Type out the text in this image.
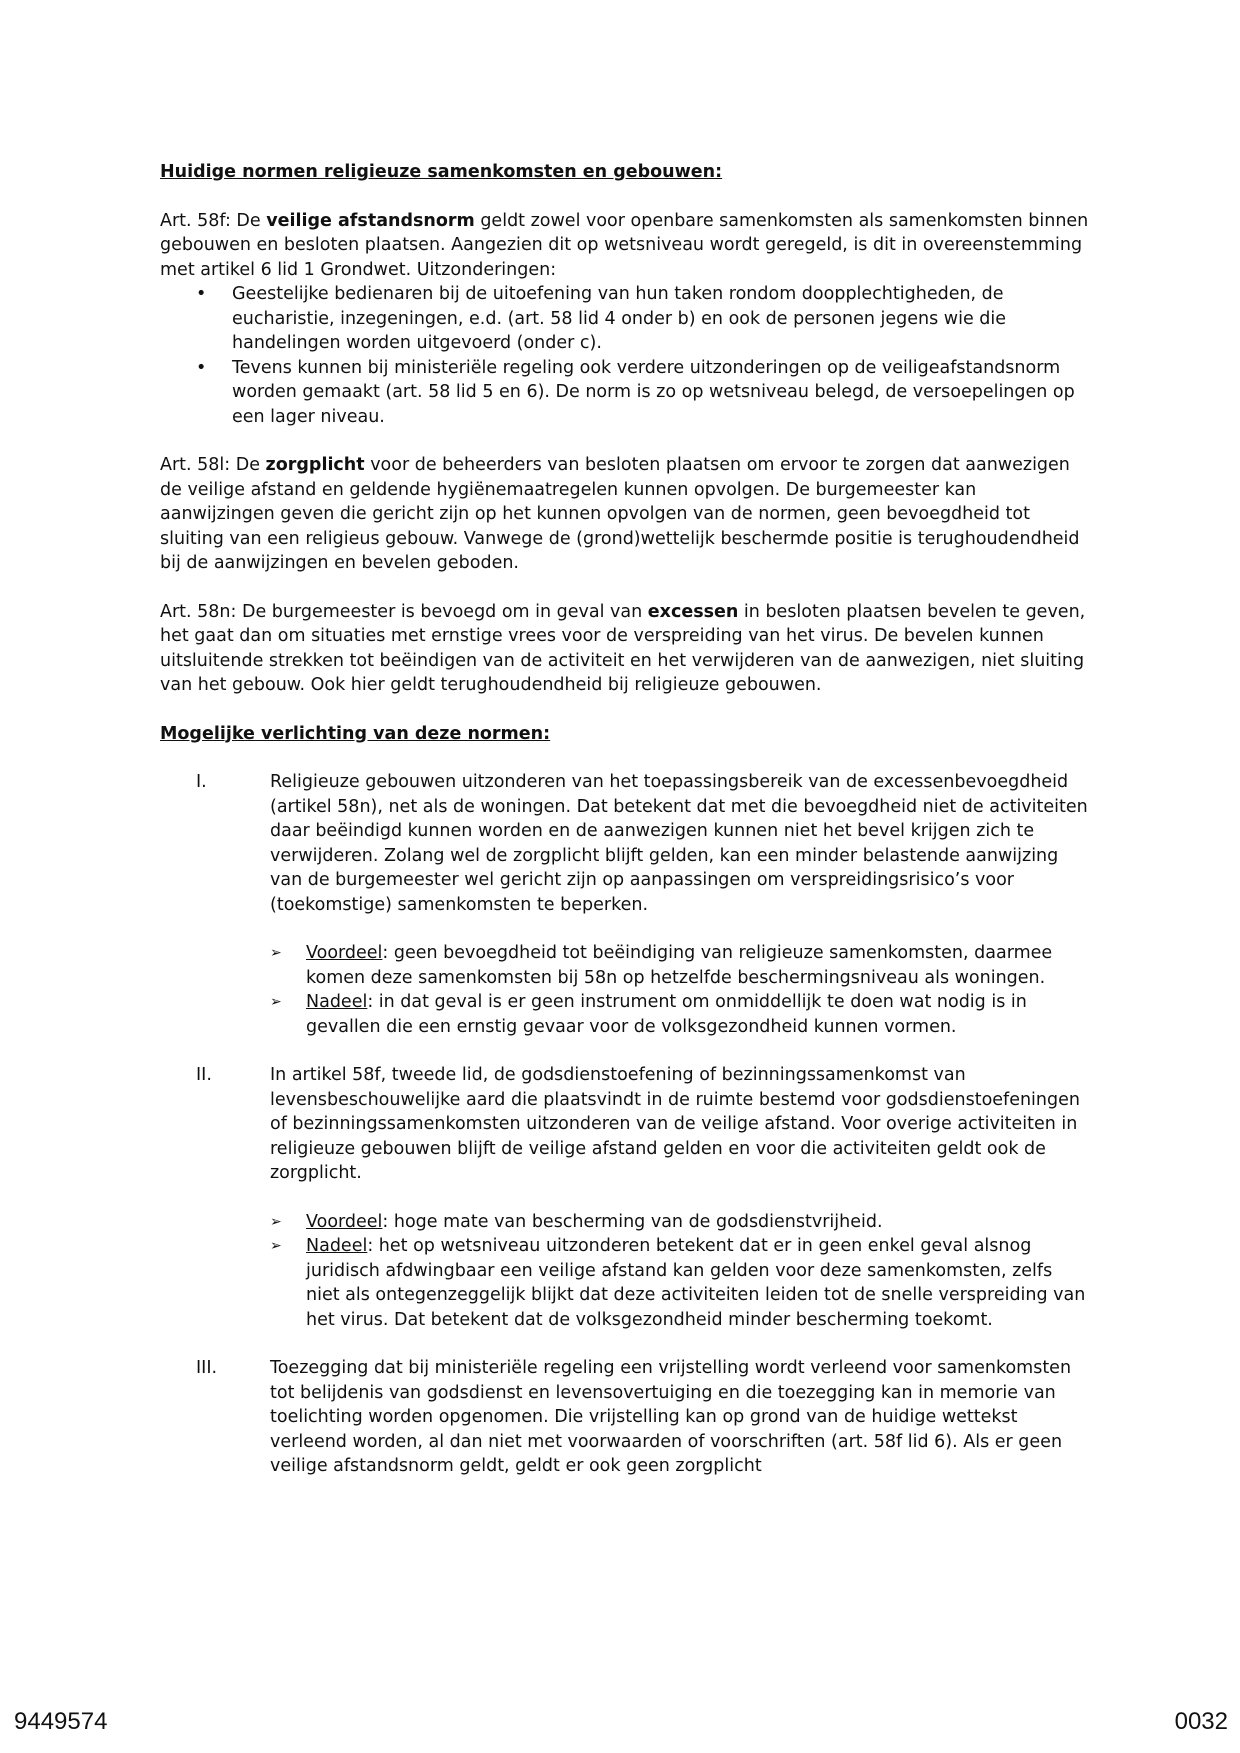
Huidige normen religieuze samenkomsten en gebouwen:

Art. 58f: De veilige afstandsnorm geldt zowel voor openbare samenkomsten als samenkomsten binnen gebouwen en besloten plaatsen. Aangezien dit op wetsniveau wordt geregeld, is dit in overeenstemming met artikel 6 lid 1 Grondwet. Uitzonderingen:

• Geestelijke bedienaren bij de uitoefening van hun taken rondom doopplechtigheden, de eucharistie, inzegeningen, e.d. (art. 58 lid 4 onder b) en ook de personen jegens wie die handelingen worden uitgevoerd (onder c).
• Tevens kunnen bij ministeriële regeling ook verdere uitzonderingen op de veiligeafstandsnorm worden gemaakt (art. 58 lid 5 en 6). De norm is zo op wetsniveau belegd, de versoepelingen op een lager niveau.

Art. 58l: De zorgplicht voor de beheerders van besloten plaatsen om ervoor te zorgen dat aanwezigen de veilige afstand en geldende hygiënemaatregelen kunnen opvolgen. De burgemeester kan aanwijzingen geven die gericht zijn op het kunnen opvolgen van de normen, geen bevoegdheid tot sluiting van een religieus gebouw. Vanwege de (grond)wettelijk beschermde positie is terughoudendheid bij de aanwijzingen en bevelen geboden.

Art. 58n: De burgemeester is bevoegd om in geval van excessen in besloten plaatsen bevelen te geven, het gaat dan om situaties met ernstige vrees voor de verspreiding van het virus. De bevelen kunnen uitsluitende strekken tot beëindigen van de activiteit en het verwijderen van de aanwezigen, niet sluiting van het gebouw. Ook hier geldt terughoudendheid bij religieuze gebouwen.

Mogelijke verlichting van deze normen:

I.	Religieuze gebouwen uitzonderen van het toepassingsbereik van de excessenbevoegdheid (artikel 58n), net als de woningen. Dat betekent dat met die bevoegdheid niet de activiteiten daar beëindigd kunnen worden en de aanwezigen kunnen niet het bevel krijgen zich te verwijderen. Zolang wel de zorgplicht blijft gelden, kan een minder belastende aanwijzing van de burgemeester wel gericht zijn op aanpassingen om verspreidingsrisico’s voor (toekomstige) samenkomsten te beperken.

➢ Voordeel: geen bevoegdheid tot beëindiging van religieuze samenkomsten, daarmee komen deze samenkomsten bij 58n op hetzelfde beschermingsniveau als woningen.
➢ Nadeel: in dat geval is er geen instrument om onmiddellijk te doen wat nodig is in gevallen die een ernstig gevaar voor de volksgezondheid kunnen vormen.
II.	In artikel 58f, tweede lid, de godsdienstoefening of bezinningssamenkomst van levensbeschouwelijke aard die plaatsvindt in de ruimte bestemd voor godsdienstoefeningen of bezinningssamenkomsten uitzonderen van de veilige afstand. Voor overige activiteiten in religieuze gebouwen blijft de veilige afstand gelden en voor die activiteiten geldt ook de zorgplicht.

➢ Voordeel: hoge mate van bescherming van de godsdienstvrijheid.
➢ Nadeel: het op wetsniveau uitzonderen betekent dat er in geen enkel geval alsnog juridisch afdwingbaar een veilige afstand kan gelden voor deze samenkomsten, zelfs niet als ontegenzeggelijk blijkt dat deze activiteiten leiden tot de snelle verspreiding van het virus. Dat betekent dat de volksgezondheid minder bescherming toekomt.
III.	Toezegging dat bij ministeriële regeling een vrijstelling wordt verleend voor samenkomsten tot belijdenis van godsdienst en levensovertuiging en die toezegging kan in memorie van toelichting worden opgenomen. Die vrijstelling kan op grond van de huidige wettekst verleend worden, al dan niet met voorwaarden of voorschriften (art. 58f lid 6). Als er geen veilige afstandsnorm geldt, geldt er ook geen zorgplicht

9449574	0032
